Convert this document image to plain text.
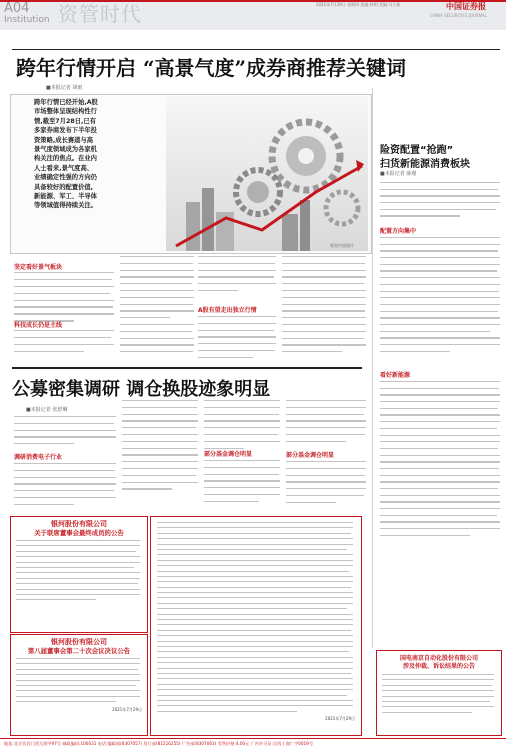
A04
Institution 资管时代	2021年7月29日 星期四 责编:林明 美编:马立新	中国证券报
CHINA SECURITIES JOURNAL
跨年行情开启 “高景气度”成券商推荐关键词
■本报记者 胡雨
跨年行情已经开始,A股
市场整体呈现结构性行
情,截至7月28日,已有
多家券商发布下半年投
资策略,成长赛道与高
景气度领域成为各家机
构关注的焦点。在业内
人士看来,景气度高、
业绩确定性强的方向仍
具备较好的配置价值,
新能源、军工、半导体
等领域值得持续关注。
视觉中国图片
坚定看好景气板块
科技成长仍是主线
A股有望走出独立行情
险资配置“抢跑”
扫货新能源消费板块
■本报记者 薛瑾
配置方向集中
看好新能源
公募密集调研 调仓换股迹象明显
■本报记者 张舒琳
调研消费电子行业	部分基金调仓明显	部分基金调仓明显
银河股份有限公司
关于联席董事会最终成员的公告
银河股份有限公司
第八届董事会第二十次会议决议公告
2021年7月29日
2021年7月29日
国电南京自动化股份有限公司
涉及仲裁、诉讼结果的公告
地址:北京宣武门西大街甲97号 邮政编码:100031 电话:编辑部(8307057) 发行部(81516255) 广告部(8307063) 零售价格:4.00元 广告许可证:京西工商广字0019号
